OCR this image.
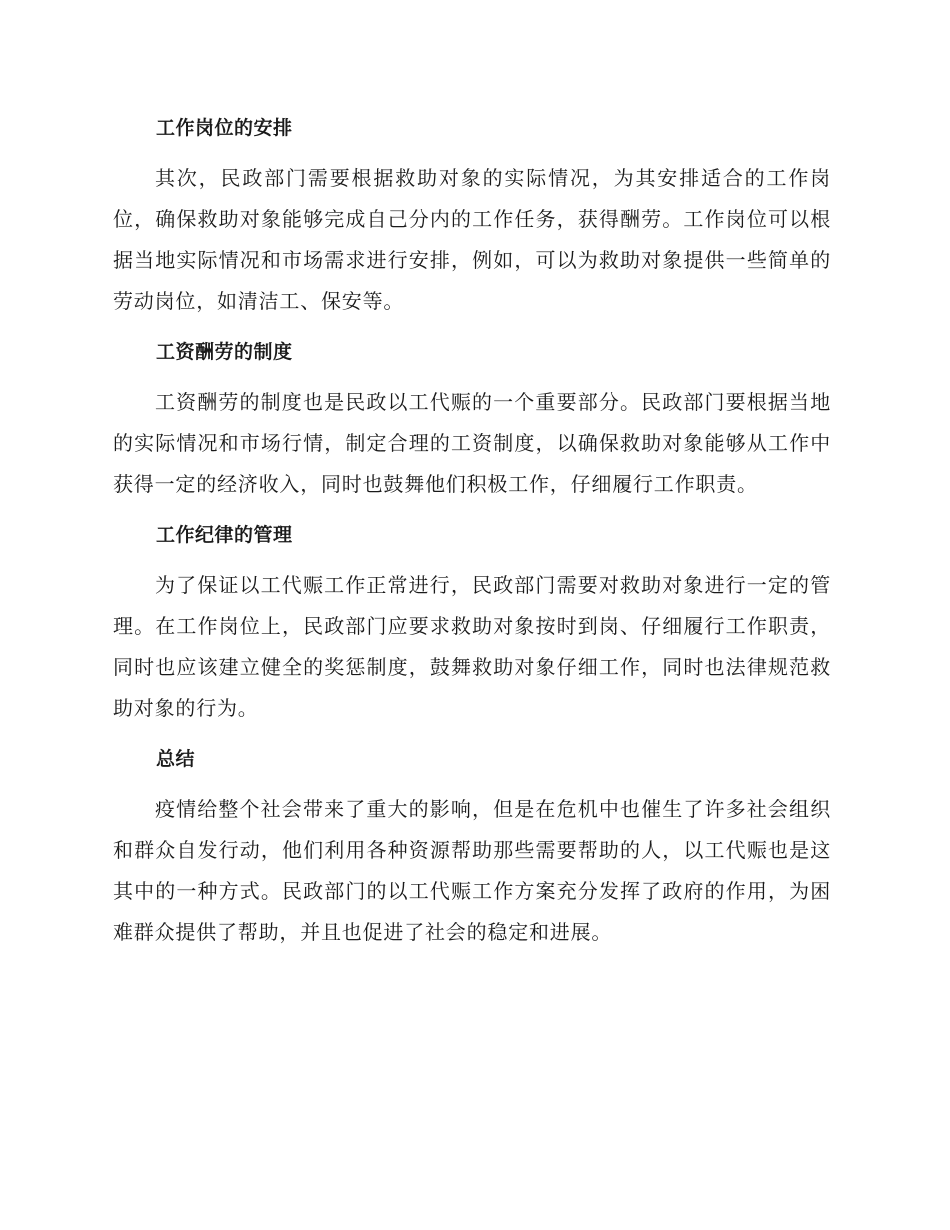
工作岗位的安排

其次，民政部门需要根据救助对象的实际情况，为其安排适合的工作岗位，确保救助对象能够完成自己分内的工作任务，获得酬劳。工作岗位可以根据当地实际情况和市场需求进行安排，例如，可以为救助对象提供一些简单的劳动岗位，如清洁工、保安等。

工资酬劳的制度

工资酬劳的制度也是民政以工代赈的一个重要部分。民政部门要根据当地的实际情况和市场行情，制定合理的工资制度，以确保救助对象能够从工作中获得一定的经济收入，同时也鼓舞他们积极工作，仔细履行工作职责。

工作纪律的管理

为了保证以工代赈工作正常进行，民政部门需要对救助对象进行一定的管理。在工作岗位上，民政部门应要求救助对象按时到岗、仔细履行工作职责，同时也应该建立健全的奖惩制度，鼓舞救助对象仔细工作，同时也法律规范救助对象的行为。

总结

疫情给整个社会带来了重大的影响，但是在危机中也催生了许多社会组织和群众自发行动，他们利用各种资源帮助那些需要帮助的人，以工代赈也是这其中的一种方式。民政部门的以工代赈工作方案充分发挥了政府的作用，为困难群众提供了帮助，并且也促进了社会的稳定和进展。
